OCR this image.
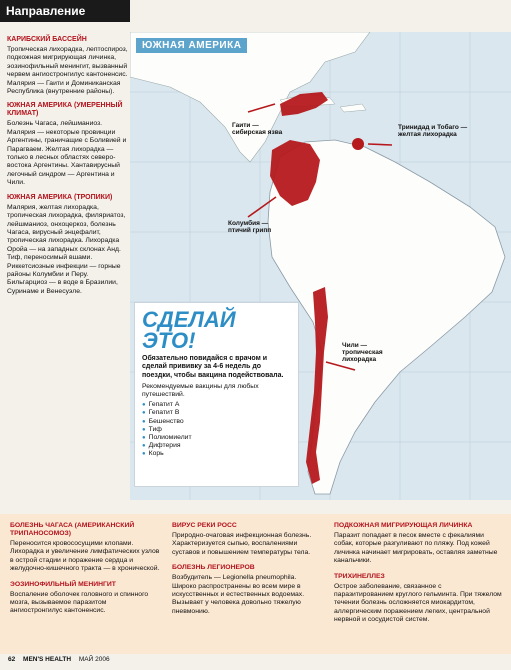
Направление
КАРИБСКИЙ БАССЕЙН

Тропическая лихорадка, лептоспироз, подкожная мигрирующая личинка, эозинофильный менингит, вызванный червем ангиостронгилус кантоненсис. Малярия — Гаити и Доминиканская Республика (внутренние районы).

ЮЖНАЯ АМЕРИКА (УМЕРЕННЫЙ КЛИМАТ)

Болезнь Чагаса, лейшманиоз. Малярия — некоторые провинции Аргентины, граничащие с Боливией и Парагваем. Желтая лихорадка — только в лесных областях северо-востока Аргентины. Хантавирусный легочный синдром — Аргентина и Чили.

ЮЖНАЯ АМЕРИКА (ТРОПИКИ)

Малярия, желтая лихорадка, тропическая лихорадка, филяриатоз, лейшманиоз, онхоцеркоз, болезнь Чагаса, вирусный энцефалит, тропическая лихорадка. Лихорадка Оройа — на западных склонах Анд. Тиф, переносимый вшами. Риккетсиозные инфекции — горные районы Колумбии и Перу. Бильгарциоз — в воде в Бразилии, Суринаме и Венесуэле.

ЮЖНАЯ АМЕРИКА
Гаити — сибирская язва
Тринидад и Тобаго — желтая лихорадка
Колумбия — птичий грипп
Чили — тропическая лихорадка
СДЕЛАЙ
ЭТО!
Обязательно повидайся с врачом и сделай прививку за 4-6 недель до поездки, чтобы вакцина подействовала.
Рекомендуемые вакцины для любых путешествий.
● Гепатит А
● Гепатит В
● Бешенство
● Тиф
● Полиомиелит
● Дифтерия
● Корь
БОЛЕЗНЬ ЧАГАСА (АМЕРИКАНСКИЙ ТРИПАНОСОМОЗ)

Переносится кровососущими клопами. Лихорадка и увеличение лимфатических узлов в острой стадии и поражение сердца и желудочно-кишечного тракта — в хронической.

ЭОЗИНОФИЛЬНЫЙ МЕНИНГИТ

Воспаление оболочек головного и спинного мозга, вызываемое паразитом ангиостронгилус кантоненсис.

ВИРУС РЕКИ РОСС

Природно-очаговая инфекционная болезнь. Характеризуется сыпью, воспалениями суставов и повышением температуры тела.

БОЛЕЗНЬ ЛЕГИОНЕРОВ

Возбудитель — Legionella pneumophila. Широко распространены во всем мире в искусственных и естественных водоемах. Вызывает у человека довольно тяжелую пневмонию.

ПОДКОЖНАЯ МИГРИРУЮЩАЯ ЛИЧИНКА

Паразит попадает в песок вместе с фекалиями собак, которые разгуливают по пляжу. Под кожей личинка начинает мигрировать, оставляя заметные канальчики.

ТРИХИНЕЛЛЕЗ

Острое заболевание, связанное с паразитированием круглого гельминта. При тяжелом течении болезнь осложняется миокардитом, аллергическим поражением легких, центральной нервной и сосудистой систем.

62 MEN'S HEALTH МАЙ 2006
